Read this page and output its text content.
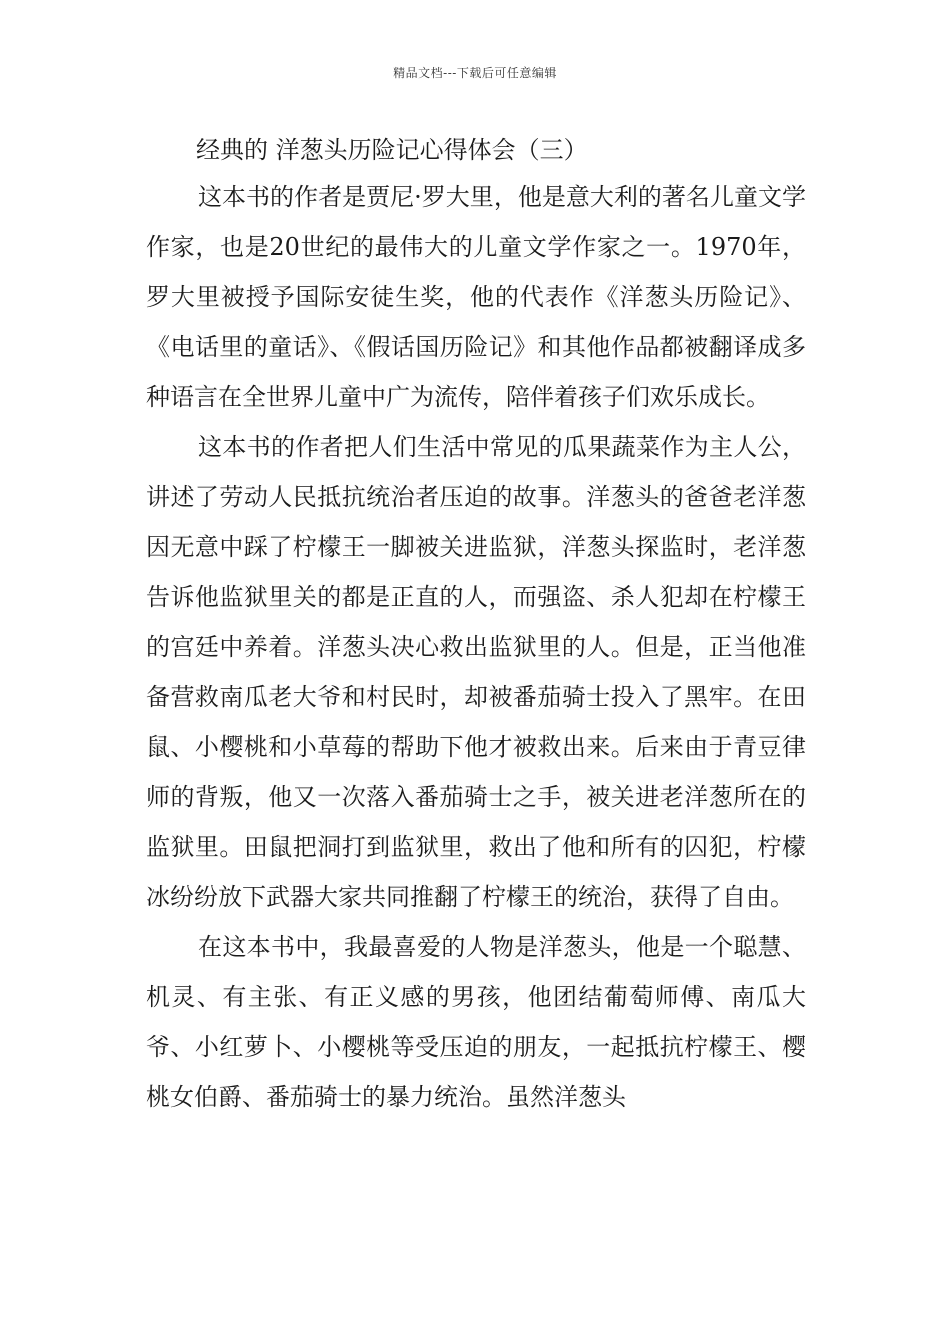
精品文档---下载后可任意编辑
经典的 洋葱头历险记心得体会（三）

这本书的作者是贾尼·罗大里，他是意大利的著名儿童文学作家，也是20世纪的最伟大的儿童文学作家之一。1970年，罗大里被授予国际安徒生奖，他的代表作《洋葱头历险记》、《电话里的童话》、《假话国历险记》和其他作品都被翻译成多种语言在全世界儿童中广为流传，陪伴着孩子们欢乐成长。

这本书的作者把人们生活中常见的瓜果蔬菜作为主人公，讲述了劳动人民抵抗统治者压迫的故事。洋葱头的爸爸老洋葱因无意中踩了柠檬王一脚被关进监狱，洋葱头探监时，老洋葱告诉他监狱里关的都是正直的人，而强盗、杀人犯却在柠檬王的宫廷中养着。洋葱头决心救出监狱里的人。但是，正当他准备营救南瓜老大爷和村民时，却被番茄骑士投入了黑牢。在田鼠、小樱桃和小草莓的帮助下他才被救出来。后来由于青豆律师的背叛，他又一次落入番茄骑士之手，被关进老洋葱所在的监狱里。田鼠把洞打到监狱里，救出了他和所有的囚犯，柠檬冰纷纷放下武器大家共同推翻了柠檬王的统治，获得了自由。

在这本书中，我最喜爱的人物是洋葱头，他是一个聪慧、机灵、有主张、有正义感的男孩，他团结葡萄师傅、南瓜大爷、小红萝卜、小樱桃等受压迫的朋友，一起抵抗柠檬王、樱桃女伯爵、番茄骑士的暴力统治。虽然洋葱头
